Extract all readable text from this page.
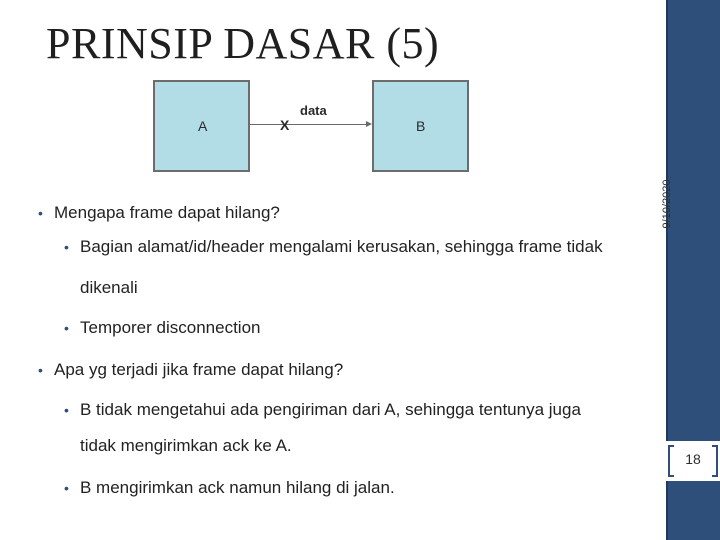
PRINSIP DASAR (5)
9/10/2020
A	X
data
B
• Mengapa frame dapat hilang?
• Bagian alamat/id/header mengalami kerusakan, sehingga frame tidak
dikenali
• Temporer disconnection
• Apa yg terjadi jika frame dapat hilang?
• B tidak mengetahui ada pengiriman dari A, sehingga tentunya juga
tidak mengirimkan ack ke A.
• B mengirimkan ack namun hilang di jalan.
18
